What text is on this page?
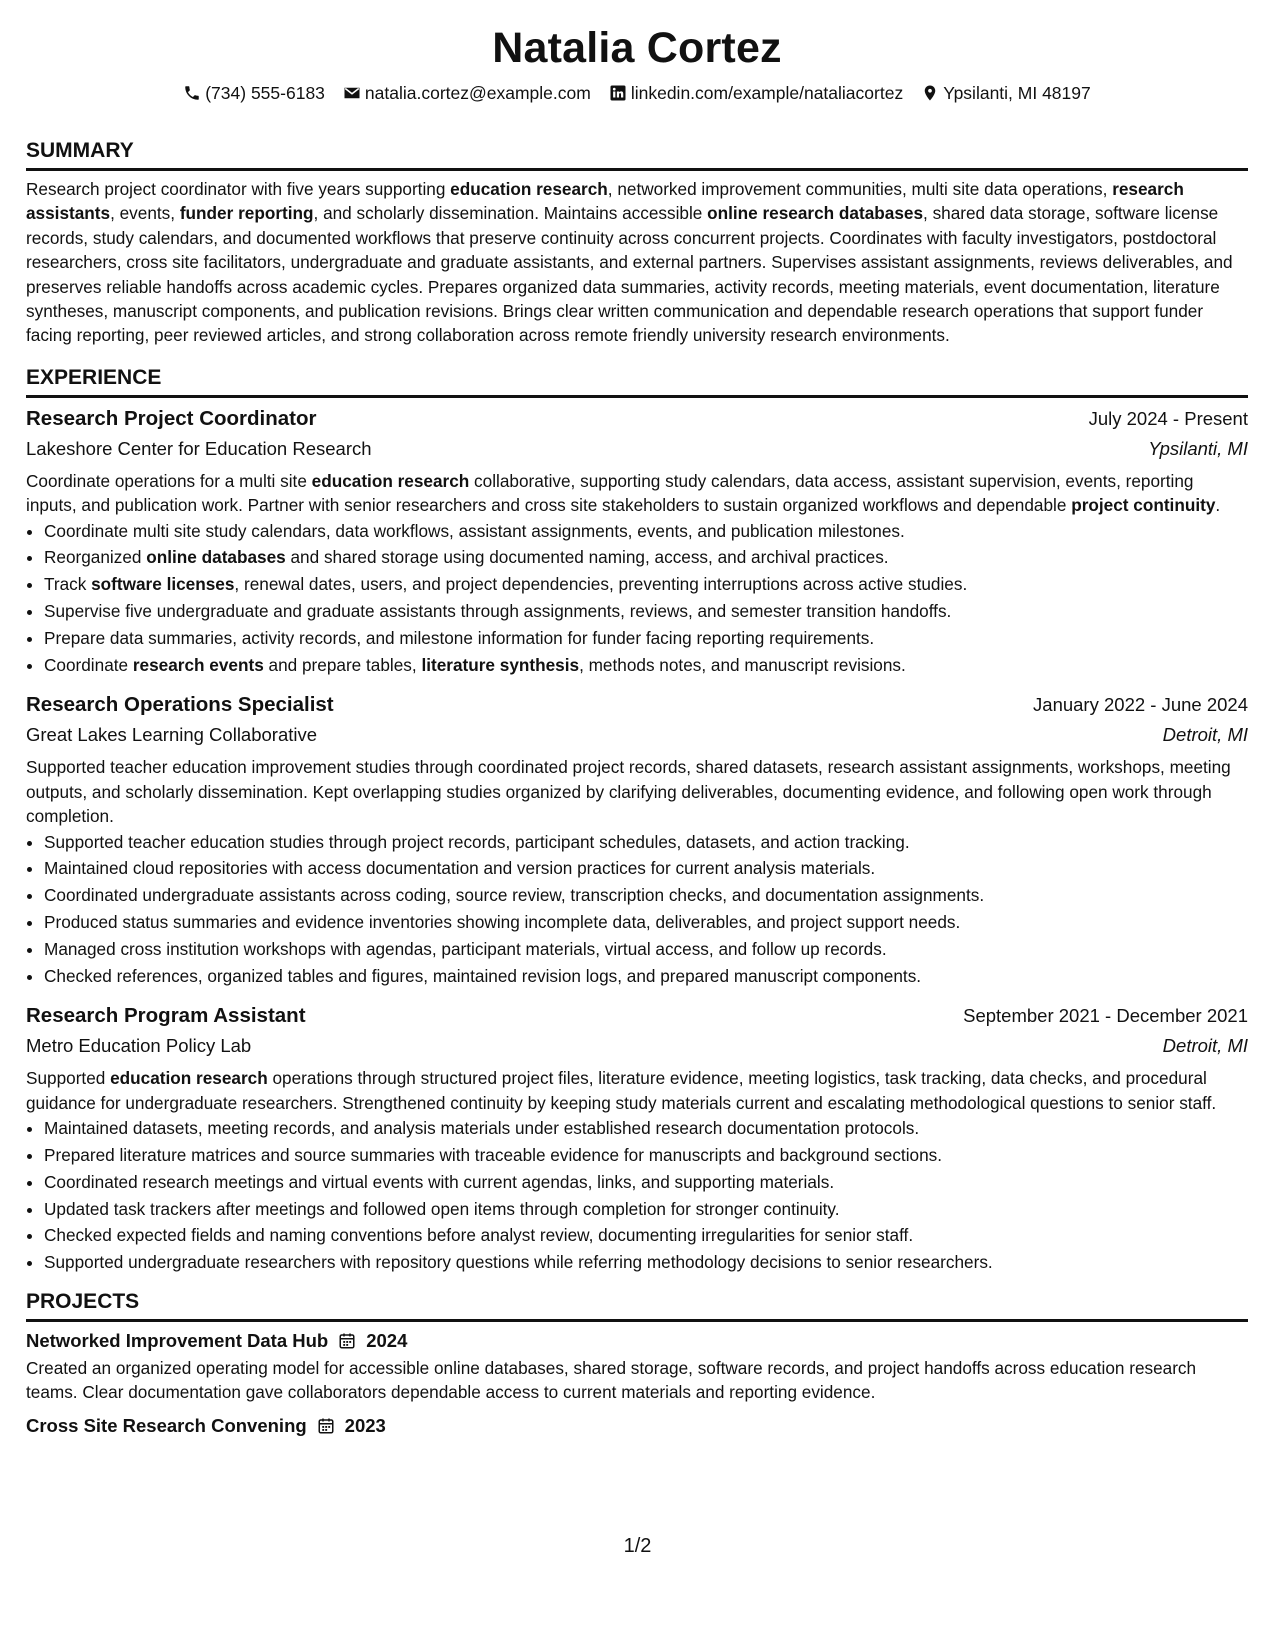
Natalia Cortez
(734) 555-6183 natalia.cortez@example.com linkedin.com/example/nataliacortez Ypsilanti, MI 48197
SUMMARY

Research project coordinator with five years supporting education research, networked improvement communities, multi site data operations, research assistants, events, funder reporting, and scholarly dissemination. Maintains accessible online research databases, shared data storage, software license records, study calendars, and documented workflows that preserve continuity across concurrent projects. Coordinates with faculty investigators, postdoctoral researchers, cross site facilitators, undergraduate and graduate assistants, and external partners. Supervises assistant assignments, reviews deliverables, and preserves reliable handoffs across academic cycles. Prepares organized data summaries, activity records, meeting materials, event documentation, literature syntheses, manuscript components, and publication revisions. Brings clear written communication and dependable research operations that support funder facing reporting, peer reviewed articles, and strong collaboration across remote friendly university research environments.

EXPERIENCE
Research Project Coordinator	July 2024 - Present
Lakeshore Center for Education Research	Ypsilanti, MI

Coordinate operations for a multi site education research collaborative, supporting study calendars, data access, assistant supervision, events, reporting inputs, and publication work. Partner with senior researchers and cross site stakeholders to sustain organized workflows and dependable project continuity.

• Coordinate multi site study calendars, data workflows, assistant assignments, events, and publication milestones.
• Reorganized online databases and shared storage using documented naming, access, and archival practices.
• Track software licenses, renewal dates, users, and project dependencies, preventing interruptions across active studies.
• Supervise five undergraduate and graduate assistants through assignments, reviews, and semester transition handoffs.
• Prepare data summaries, activity records, and milestone information for funder facing reporting requirements.
• Coordinate research events and prepare tables, literature synthesis, methods notes, and manuscript revisions.
Research Operations Specialist	January 2022 - June 2024
Great Lakes Learning Collaborative	Detroit, MI

Supported teacher education improvement studies through coordinated project records, shared datasets, research assistant assignments, workshops, meeting outputs, and scholarly dissemination. Kept overlapping studies organized by clarifying deliverables, documenting evidence, and following open work through completion.

• Supported teacher education studies through project records, participant schedules, datasets, and action tracking.
• Maintained cloud repositories with access documentation and version practices for current analysis materials.
• Coordinated undergraduate assistants across coding, source review, transcription checks, and documentation assignments.
• Produced status summaries and evidence inventories showing incomplete data, deliverables, and project support needs.
• Managed cross institution workshops with agendas, participant materials, virtual access, and follow up records.
• Checked references, organized tables and figures, maintained revision logs, and prepared manuscript components.
Research Program Assistant	September 2021 - December 2021
Metro Education Policy Lab	Detroit, MI

Supported education research operations through structured project files, literature evidence, meeting logistics, task tracking, data checks, and procedural guidance for undergraduate researchers. Strengthened continuity by keeping study materials current and escalating methodological questions to senior staff.

• Maintained datasets, meeting records, and analysis materials under established research documentation protocols.
• Prepared literature matrices and source summaries with traceable evidence for manuscripts and background sections.
• Coordinated research meetings and virtual events with current agendas, links, and supporting materials.
• Updated task trackers after meetings and followed open items through completion for stronger continuity.
• Checked expected fields and naming conventions before analyst review, documenting irregularities for senior staff.
• Supported undergraduate researchers with repository questions while referring methodology decisions to senior researchers.
PROJECTS
Networked Improvement Data Hub 2024

Created an organized operating model for accessible online databases, shared storage, software records, and project handoffs across education research teams. Clear documentation gave collaborators dependable access to current materials and reporting evidence.

Cross Site Research Convening 2023
1/2
